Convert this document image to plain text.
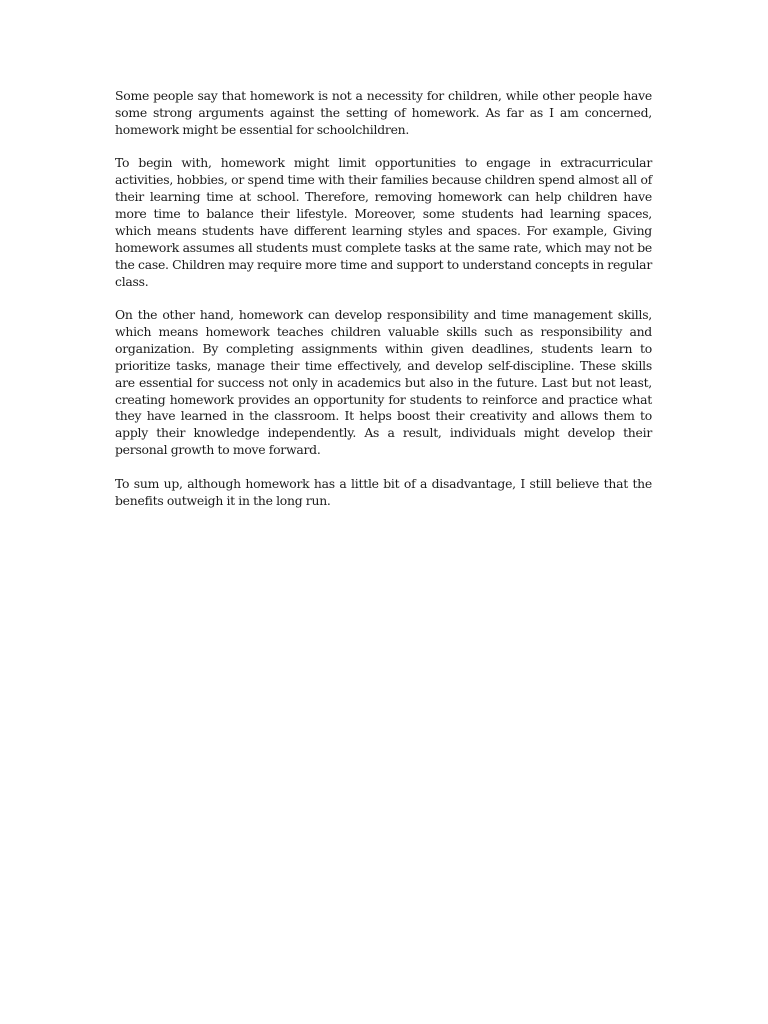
Some people say that homework is not a necessity for children, while other people have some strong arguments against the setting of homework. As far as I am concerned, homework might be essential for schoolchildren.

To begin with, homework might limit opportunities to engage in extracurricular activities, hobbies, or spend time with their families because children spend almost all of their learning time at school. Therefore, removing homework can help children have more time to balance their lifestyle. Moreover, some students had learning spaces, which means students have different learning styles and spaces. For example, Giving homework assumes all students must complete tasks at the same rate, which may not be the case. Children may require more time and support to understand concepts in regular class.

On the other hand, homework can develop responsibility and time management skills, which means homework teaches children valuable skills such as responsibility and organization. By completing assignments within given deadlines, students learn to prioritize tasks, manage their time effectively, and develop self-discipline. These skills are essential for success not only in academics but also in the future. Last but not least, creating homework provides an opportunity for students to reinforce and practice what they have learned in the classroom. It helps boost their creativity and allows them to apply their knowledge independently. As a result, individuals might develop their personal growth to move forward.

To sum up, although homework has a little bit of a disadvantage, I still believe that the benefits outweigh it in the long run.
